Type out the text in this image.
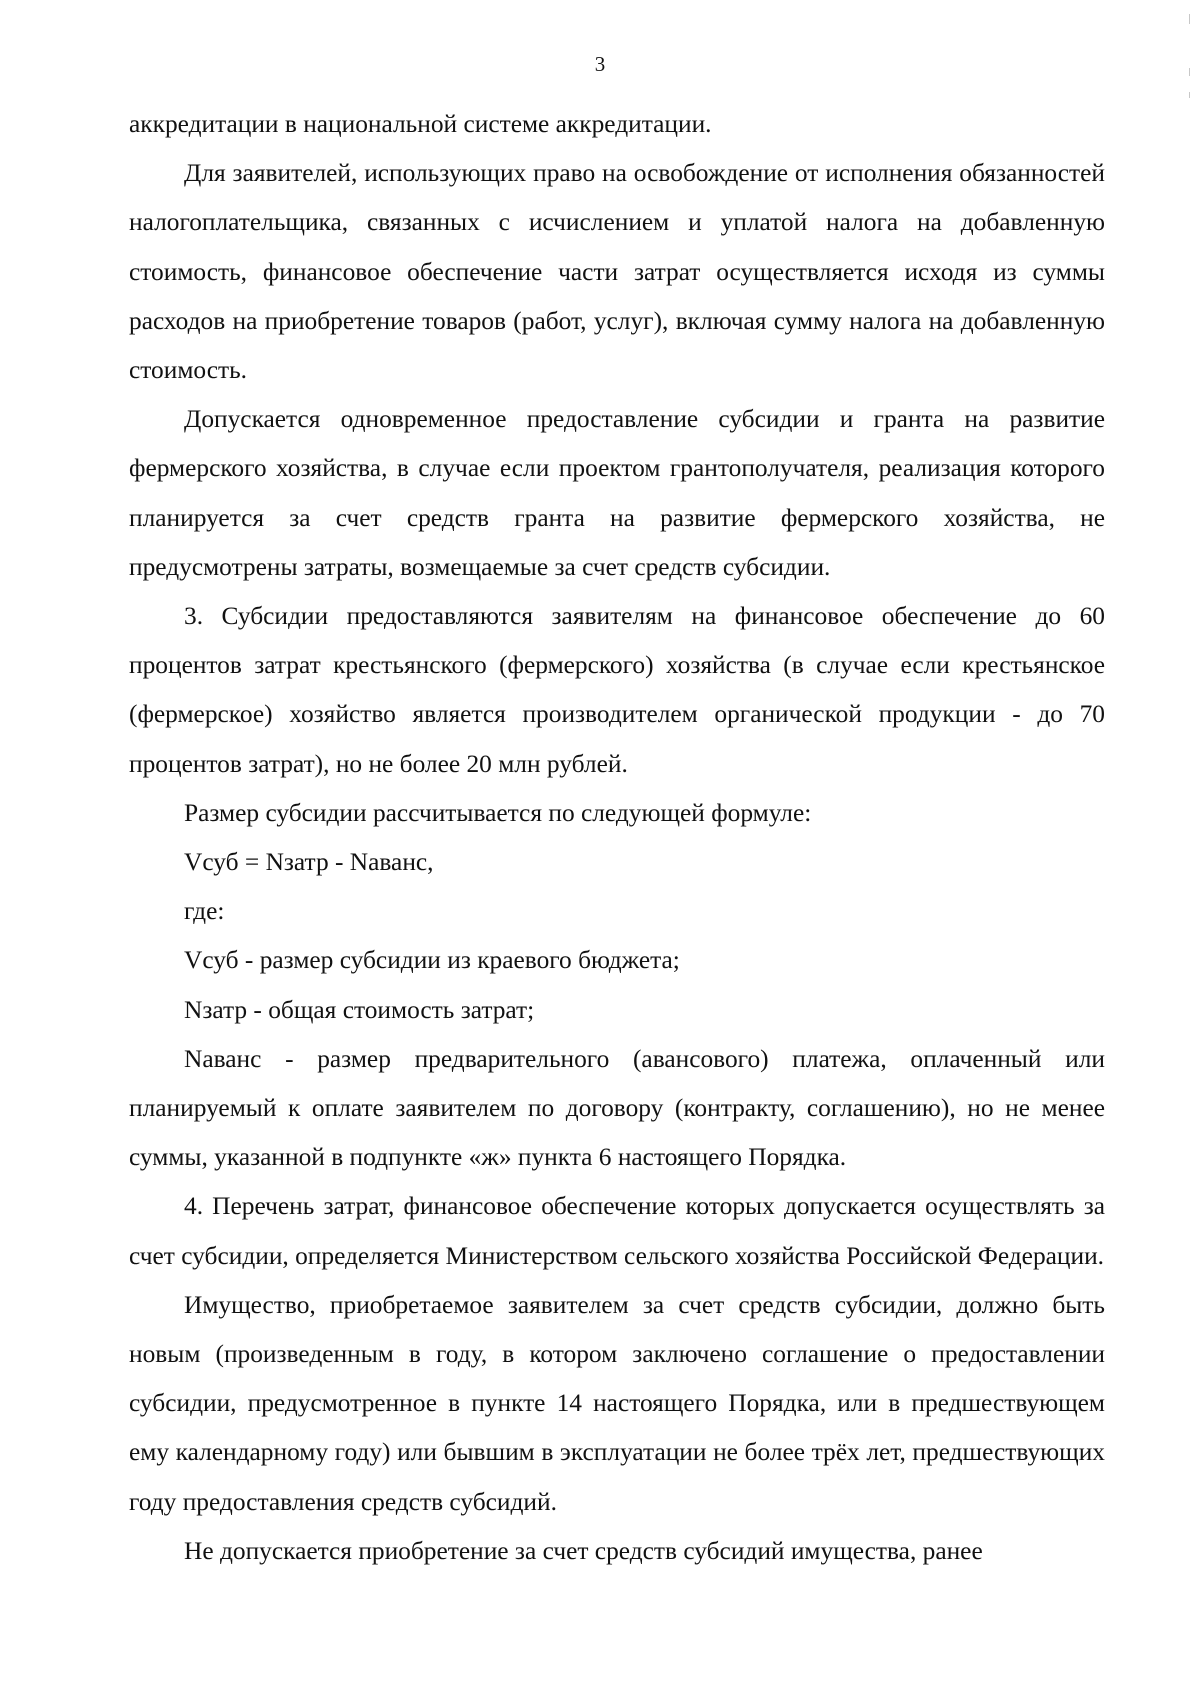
3

аккредитации в национальной системе аккредитации.

Для заявителей, использующих право на освобождение от исполнения обязанностей налогоплательщика, связанных с исчислением и уплатой налога на добавленную стоимость, финансовое обеспечение части затрат осуществляется исходя из суммы расходов на приобретение товаров (работ, услуг), включая сумму налога на добавленную стоимость.

Допускается одновременное предоставление субсидии и гранта на развитие фермерского хозяйства, в случае если проектом грантополучателя, реализация которого планируется за счет средств гранта на развитие фермерского хозяйства, не предусмотрены затраты, возмещаемые за счет средств субсидии.

3. Субсидии предоставляются заявителям на финансовое обеспечение до 60 процентов затрат крестьянского (фермерского) хозяйства (в случае если крестьянское (фермерское) хозяйство является производителем органической продукции - до 70 процентов затрат), но не более 20 млн рублей.

Размер субсидии рассчитывается по следующей формуле:

Vсуб = Nзатр - Nаванс,

где:

Vсуб - размер субсидии из краевого бюджета;

Nзатр - общая стоимость затрат;

Nаванс - размер предварительного (авансового) платежа, оплаченный или планируемый к оплате заявителем по договору (контракту, соглашению), но не менее суммы, указанной в подпункте «ж» пункта 6 настоящего Порядка.

4. Перечень затрат, финансовое обеспечение которых допускается осуществлять за счет субсидии, определяется Министерством сельского хозяйства Российской Федерации.

Имущество, приобретаемое заявителем за счет средств субсидии, должно быть новым (произведенным в году, в котором заключено соглашение о предоставлении субсидии, предусмотренное в пункте 14 настоящего Порядка, или в предшествующем ему календарному году) или бывшим в эксплуатации не более трёх лет, предшествующих году предоставления средств субсидий.

Не допускается приобретение за счет средств субсидий имущества, ранее
